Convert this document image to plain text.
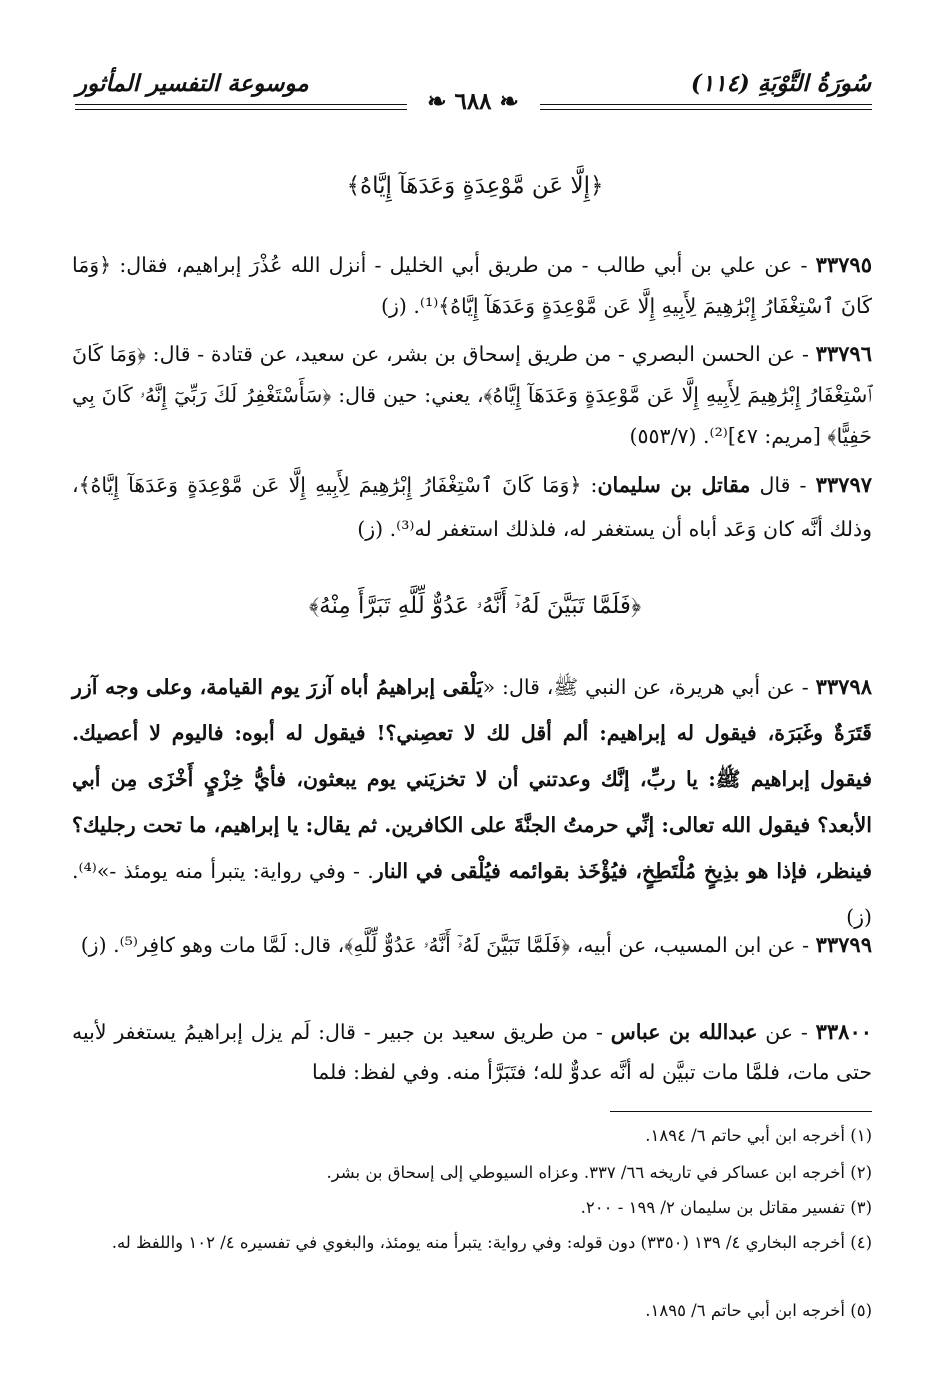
سُورَةُ التَّوْبَةِ (١١٤)
موسوعة التفسير المأثور
❧ ٦٨٨ ❧
﴿إِلَّا عَن مَّوْعِدَةٍ وَعَدَهَآ إِيَّاهُ﴾
٣٣٧٩٥ - عن علي بن أبي طالب - من طريق أبي الخليل - أنزل الله عُذْرَ إبراهيم، فقال: ﴿وَمَا كَانَ ٱسْتِغْفَارُ إِبْرَٰهِيمَ لِأَبِيهِ إِلَّا عَن مَّوْعِدَةٍ وَعَدَهَآ إِيَّاهُ﴾⁽¹⁾. (ز)
٣٣٧٩٦ - عن الحسن البصري - من طريق إسحاق بن بشر، عن سعيد، عن قتادة - قال: ﴿وَمَا كَانَ ٱسْتِغْفَارُ إِبْرَٰهِيمَ لِأَبِيهِ إِلَّا عَن مَّوْعِدَةٍ وَعَدَهَآ إِيَّاهُ﴾، يعني: حين قال: ﴿سَأَسْتَغْفِرُ لَكَ رَبِّيٓ إِنَّهُۥ كَانَ بِي حَفِيًّا﴾ [مريم: ٤٧]⁽²⁾. (٥٥٣/٧)
٣٣٧٩٧ - قال مقاتل بن سليمان: ﴿وَمَا كَانَ ٱسْتِغْفَارُ إِبْرَٰهِيمَ لِأَبِيهِ إِلَّا عَن مَّوْعِدَةٍ وَعَدَهَآ إِيَّاهُ﴾، وذلك أنَّه كان وَعَد أباه أن يستغفر له، فلذلك استغفر له⁽³⁾. (ز)
﴿فَلَمَّا تَبَيَّنَ لَهُۥٓ أَنَّهُۥ عَدُوٌّ لِّلَّهِ تَبَرَّأَ مِنْهُ﴾
٣٣٧٩٨ - عن أبي هريرة، عن النبي ﷺ، قال: «يَلْقى إبراهيمُ أباه آزرَ يوم القيامة، وعلى وجه آزر قَتَرَةٌ وغَبَرَة، فيقول له إبراهيم: ألم أقل لك لا تعصِني؟! فيقول له أبوه: فاليوم لا أعصيك. فيقول إبراهيم ﷺ: يا ربِّ، إنَّك وعدتني أن لا تخزيَني يوم يبعثون، فأيُّ خِزْيٍ أَخْزَى مِن أبي الأبعد؟ فيقول الله تعالى: إنِّي حرمتُ الجنَّةَ على الكافرين. ثم يقال: يا إبراهيم، ما تحت رجليك؟ فينظر، فإذا هو بذِيخٍ مُلْتَطِخٍ، فيُؤْخَذ بقوائمه فيُلْقى في النار. - وفي رواية: يتبرأ منه يومئذ -»⁽⁴⁾. (ز)
٣٣٧٩٩ - عن ابن المسيب، عن أبيه، ﴿فَلَمَّا تَبَيَّنَ لَهُۥٓ أَنَّهُۥ عَدُوٌّ لِّلَّهِ﴾، قال: لَمَّا مات وهو كافِر⁽⁵⁾. (ز)
٣٣٨٠٠ - عن عبدالله بن عباس - من طريق سعيد بن جبير - قال: لَم يزل إبراهيمُ يستغفر لأبيه حتى مات، فلمَّا مات تبيَّن له أنَّه عدوٌّ لله؛ فتَبَرَّأ منه. وفي لفظ: فلما
(١) أخرجه ابن أبي حاتم ٦/ ١٨٩٤.
(٢) أخرجه ابن عساكر في تاريخه ٦٦/ ٣٣٧. وعزاه السيوطي إلى إسحاق بن بشر.
(٣) تفسير مقاتل بن سليمان ٢/ ١٩٩ - ٢٠٠.
(٤) أخرجه البخاري ٤/ ١٣٩ (٣٣٥٠) دون قوله: وفي رواية: يتبرأ منه يومئذ، والبغوي في تفسيره ٤/ ١٠٢ واللفظ له.
(٥) أخرجه ابن أبي حاتم ٦/ ١٨٩٥.
